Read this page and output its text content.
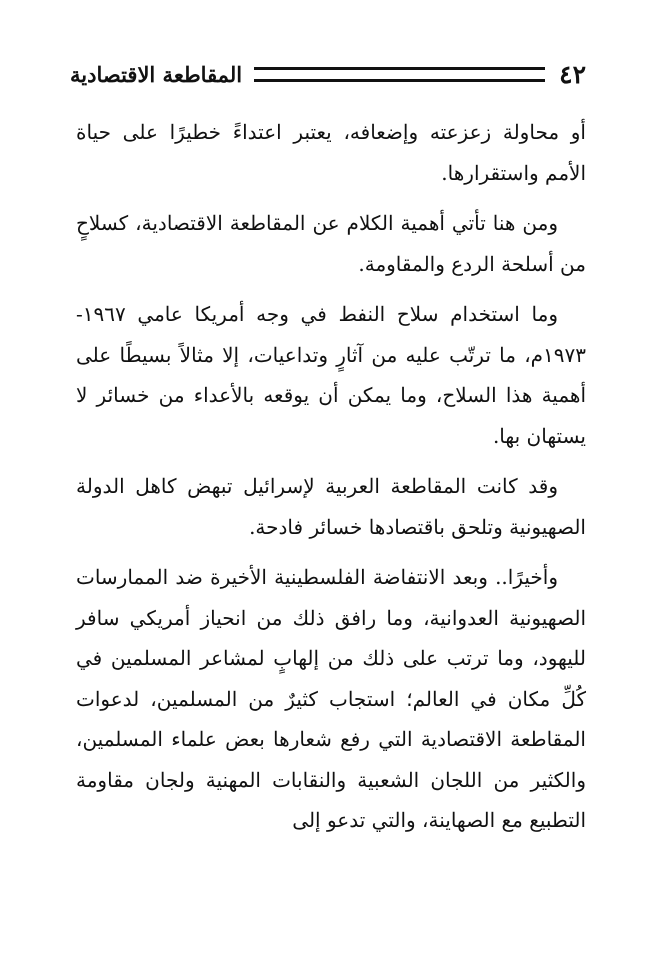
٤٢
المقاطعة الاقتصادية

أو محاولة زعزعته وإضعافه، يعتبر اعتداءً خطيرًا على حياة الأمم واستقرارها.

ومن هنا تأتي أهمية الكلام عن المقاطعة الاقتصادية، كسلاحٍ من أسلحة الردع والمقاومة.

وما استخدام سلاح النفط في وجه أمريكا عامي ١٩٦٧- ١٩٧٣م، ما ترتّب عليه من آثارٍ وتداعيات، إلا مثالاً بسيطًا على أهمية هذا السلاح، وما يمكن أن يوقعه بالأعداء من خسائر لا يستهان بها.

وقد كانت المقاطعة العربية لإسرائيل تبهض كاهل الدولة الصهيونية وتلحق باقتصادها خسائر فادحة.

وأخيرًا.. وبعد الانتفاضة الفلسطينية الأخيرة ضد الممارسات الصهيونية العدوانية، وما رافق ذلك من انحياز أمريكي سافر لليهود، وما ترتب على ذلك من إلهابٍ لمشاعر المسلمين في كُلِّ مكان في العالم؛ استجاب كثيرٌ من المسلمين، لدعوات المقاطعة الاقتصادية التي رفع شعارها بعض علماء المسلمين، والكثير من اللجان الشعبية والنقابات المهنية ولجان مقاومة التطبيع مع الصهاينة، والتي تدعو إلى
